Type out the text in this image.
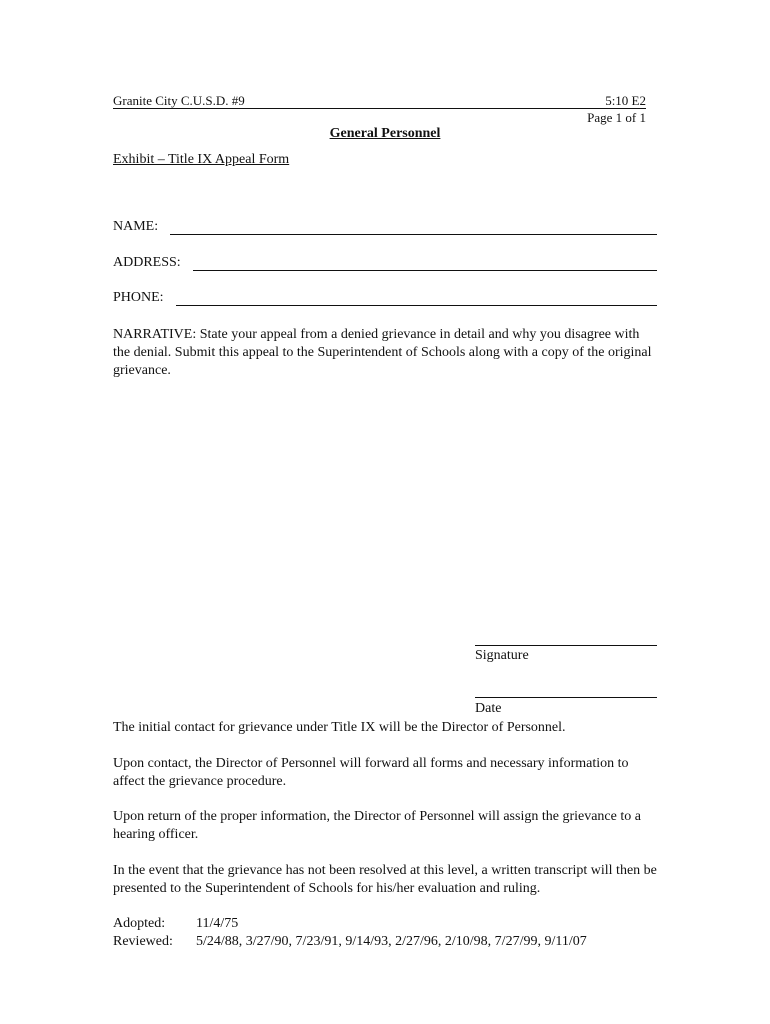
Granite City C.U.S.D. #9	5:10 E2
Page 1 of 1
General Personnel
Exhibit – Title IX Appeal Form
NAME:
ADDRESS:
PHONE:
NARRATIVE: State your appeal from a denied grievance in detail and why you disagree with the denial. Submit this appeal to the Superintendent of Schools along with a copy of the original grievance.
Signature
Date
The initial contact for grievance under Title IX will be the Director of Personnel.
Upon contact, the Director of Personnel will forward all forms and necessary information to affect the grievance procedure.
Upon return of the proper information, the Director of Personnel will assign the grievance to a hearing officer.
In the event that the grievance has not been resolved at this level, a written transcript will then be presented to the Superintendent of Schools for his/her evaluation and ruling.
Adopted: 11/4/75
Reviewed: 5/24/88, 3/27/90, 7/23/91, 9/14/93, 2/27/96, 2/10/98, 7/27/99, 9/11/07
